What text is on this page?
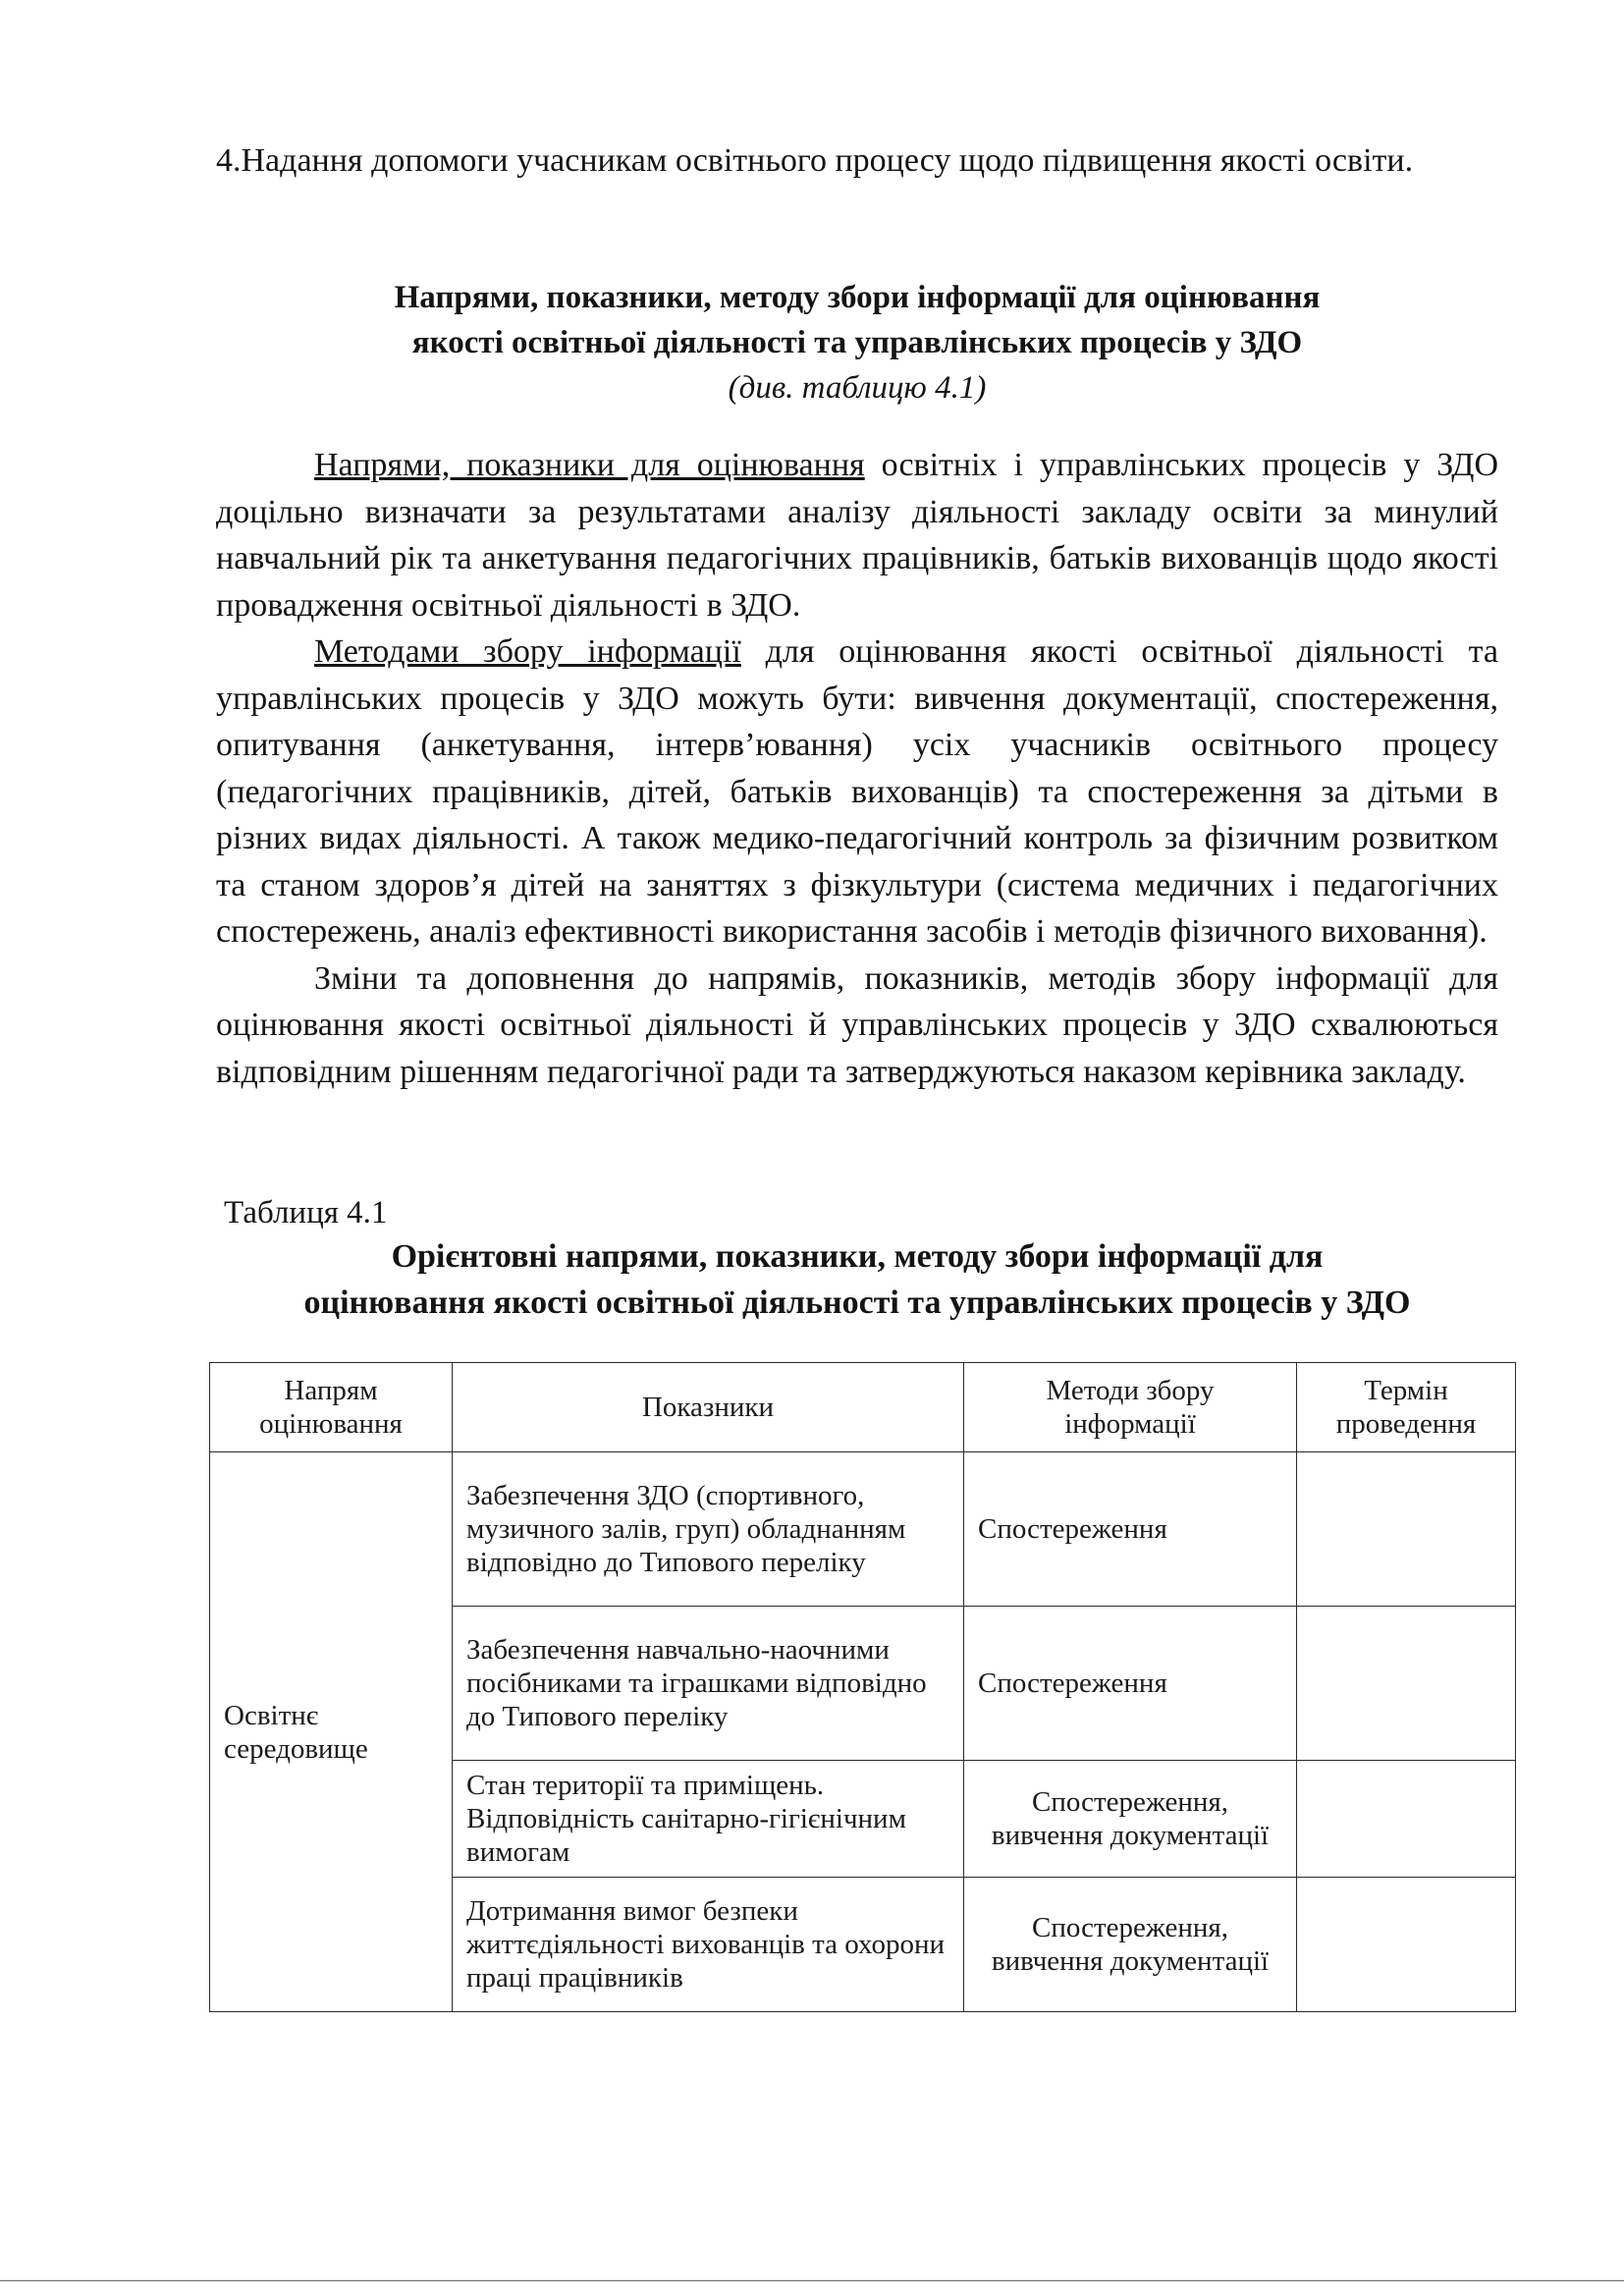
4.Надання допомоги учасникам освітнього процесу щодо підвищення якості освіти.
Напрями, показники, методу збори інформації для оцінювання
якості освітньої діяльності та управлінських процесів у ЗДО
(див. таблицю 4.1)

Напрями, показники для оцінювання освітніх і управлінських процесів у ЗДО доцільно визначати за результатами аналізу діяльності закладу освіти за минулий навчальний рік та анкетування педагогічних працівників, батьків вихованців щодо якості провадження освітньої діяльності в ЗДО.

Методами збору інформації для оцінювання якості освітньої діяльності та управлінських процесів у ЗДО можуть бути: вивчення документації, спостереження, опитування (анкетування, інтерв’ювання) усіх учасників освітнього процесу (педагогічних працівників, дітей, батьків вихованців) та спостереження за дітьми в різних видах діяльності. А також медико-педагогічний контроль за фізичним розвитком та станом здоров’я дітей на заняттях з фізкультури (система медичних і педагогічних спостережень, аналіз ефективності використання засобів і методів фізичного виховання).

Зміни та доповнення до напрямів, показників, методів збору інформації для оцінювання якості освітньої діяльності й управлінських процесів у ЗДО схвалюються відповідним рішенням педагогічної ради та затверджуються наказом керівника закладу.

Таблиця 4.1
Орієнтовні напрями, показники, методу збори інформації для
оцінювання якості освітньої діяльності та управлінських процесів у ЗДО
Напрям оцінювання	Показники	Методи збору інформації	Термін проведення
Освітнє середовище	Забезпечення ЗДО (спортивного, музичного залів, груп) обладнанням відповідно до Типового переліку	Спостереження	
	Забезпечення навчально-наочними посібниками та іграшками відповідно до Типового переліку	Спостереження	
	Стан території та приміщень. Відповідність санітарно-гігієнічним вимогам	Спостереження, вивчення документації	
	Дотримання вимог безпеки життєдіяльності вихованців та охорони праці працівників	Спостереження, вивчення документації	
